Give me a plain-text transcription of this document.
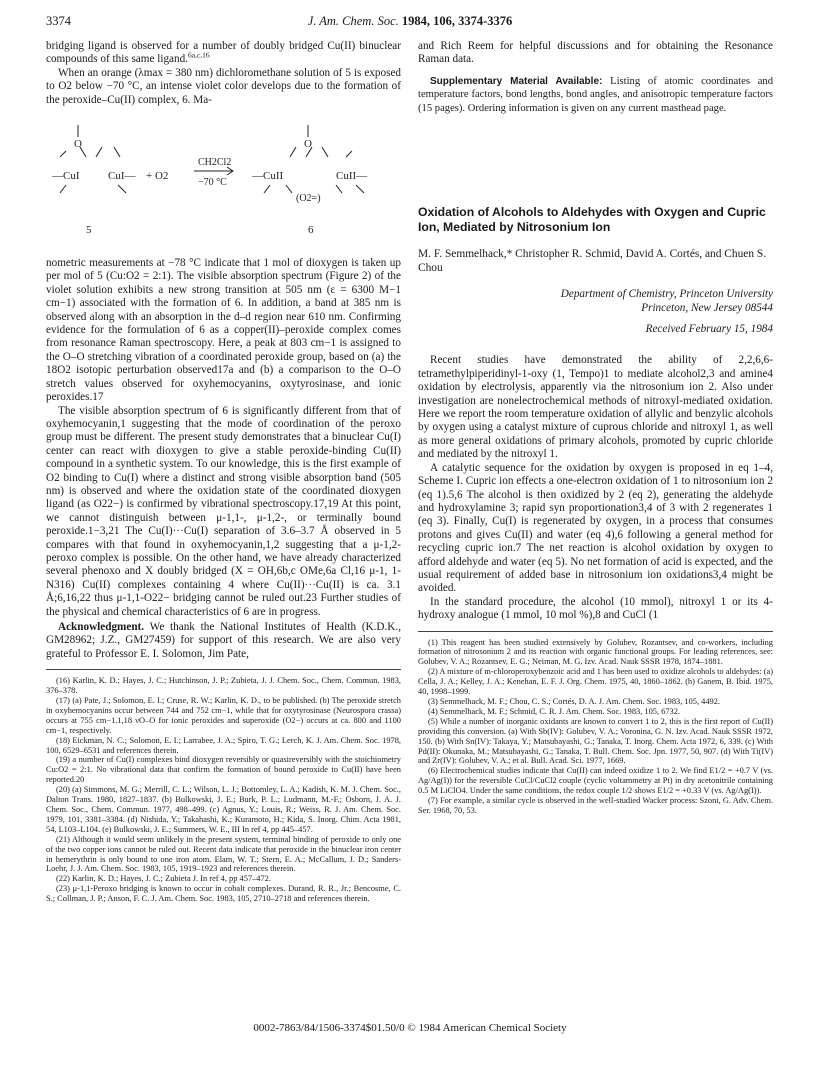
3374	J. Am. Chem. Soc. 1984, 106, 3374-3376

bridging ligand is observed for a number of doubly bridged Cu(II) binuclear compounds of this same ligand.$^{6a,c,16}$

When an orange (λmax = 380 nm) dichloromethane solution of 5 is exposed to O2 below −70 °C, an intense violet color develops due to the formation of the peroxide–Cu(II) complex, 6. Ma-

O
—CuI	CuI— + O2
CH2Cl2
−70 °C
O
—CuII	CuII—
(O2=)
5	6

nometric measurements at −78 °C indicate that 1 mol of dioxygen is taken up per mol of 5 (Cu:O2 = 2:1). The visible absorption spectrum (Figure 2) of the violet solution exhibits a new strong transition at 505 nm (ε = 6300 M−1 cm−1) associated with the formation of 6. In addition, a band at 385 nm is observed along with an absorption in the d–d region near 610 nm. Confirming evidence for the formulation of 6 as a copper(II)–peroxide complex comes from resonance Raman spectroscopy. Here, a peak at 803 cm−1 is assigned to the O–O stretching vibration of a coordinated peroxide group, based on (a) the 18O2 isotopic perturbation observed17a and (b) a comparison to the O–O stretch values observed for oxyhemocyanins, oxytyrosinase, and ionic peroxides.17

The visible absorption spectrum of 6 is significantly different from that of oxyhemocyanin,1 suggesting that the mode of coordination of the peroxo group must be different. The present study demonstrates that a binuclear Cu(I) center can react with dioxygen to give a stable peroxide-binding Cu(II) compound in a synthetic system. To our knowledge, this is the first example of O2 binding to Cu(I) where a distinct and strong visible absorption band (505 nm) is observed and where the oxidation state of the coordinated dioxygen ligand (as O22−) is confirmed by vibrational spectroscopy.17,19 At this point, we cannot distinguish between μ-1,1-, μ-1,2-, or terminally bound peroxide.1−3,21 The Cu(I)···Cu(I) separation of 3.6–3.7 Å observed in 5 compares with that found in oxyhemocyanin,1,2 suggesting that a μ-1,2-peroxo complex is possible. On the other hand, we have already characterized several phenoxo and X doubly bridged (X = OH,6b,c OMe,6a Cl,16 μ-1, 1-N316) Cu(II) complexes containing 4 where Cu(II)···Cu(II) is ca. 3.1 Å;6,16,22 thus μ-1,1-O22− bridging cannot be ruled out.23 Further studies of the physical and chemical characteristics of 6 are in progress.

Acknowledgment. We thank the National Institutes of Health (K.D.K., GM28962; J.Z., GM27459) for support of this research. We are also very grateful to Professor E. I. Solomon, Jim Pate,

(16) Karlin, K. D.; Hayes, J. C.; Hutchinson, J. P.; Zubieta, J. J. Chem. Soc., Chem. Commun. 1983, 376–378.

(17) (a) Pate, J.; Solomon, E. I.; Cruse, R. W.; Karlin, K. D., to be published. (b) The peroxide stretch in oxyhemocyanins occur between 744 and 752 cm−1, while that for oxytyrosinase (Neurospora crassa) occurs at 755 cm−1.1,18 νO–O for ionic peroxides and superoxide (O2−) occurs at ca. 800 and 1100 cm−1, respectively.

(18) Eickman, N. C.; Solomon, E. I.; Larrabee, J. A.; Spiro, T. G.; Lerch, K. J. Am. Chem. Soc. 1978, 100, 6529–6531 and references therein.

(19) a number of Cu(I) complexes bind dioxygen reversibly or quasireversibly with the stoichiometry Cu:O2 = 2:1. No vibrational data that confirm the formation of bound peroxide to Cu(II) have been reported.20

(20) (a) Simmons, M. G.; Merrill, C. L.; Wilson, L. J.; Bottomley, L. A.; Kadish, K. M. J. Chem. Soc., Dalton Trans. 1980, 1827–1837. (b) Bulkowski, J. E.; Burk, P. L.; Ludmann, M.-F.; Osborn, J. A. J. Chem. Soc., Chem. Commun. 1977, 498–499. (c) Agnus, Y.; Louis, R.; Weiss, R. J. Am. Chem. Soc. 1979, 101, 3381–3384. (d) Nishida, Y.; Takahashi, K.; Kuramoto, H.; Kida, S. Inorg. Chim. Acta 1981, 54, L103–L104. (e) Bulkowski, J. E.; Summers, W. E., III In ref 4, pp 445–457.

(21) Although it would seem unlikely in the present system, terminal binding of peroxide to only one of the two copper ions cannot be ruled out. Recent data indicate that peroxide in the binuclear iron center in hemerythrin is only bound to one iron atom. Elam, W. T.; Stern, E. A.; McCallum, J. D.; Sanders-Loehr, J. J. Am. Chem. Soc. 1983, 105, 1919–1923 and references therein.

(22) Karlin, K. D.; Hayes, J. C.; Zubieta J. In ref 4, pp 457–472.

(23) μ-1,1-Peroxo bridging is known to occur in cobalt complexes. Durand, R. R., Jr.; Bencosme, C. S.; Collman, J. P.; Anson, F. C. J. Am. Chem. Soc. 1983, 105, 2710–2718 and references therein.

and Rich Reem for helpful discussions and for obtaining the Resonance Raman data.

Supplementary Material Available: Listing of atomic coordinates and temperature factors, bond lengths, bond angles, and anisotropic temperature factors (15 pages). Ordering information is given on any current masthead page.

Oxidation of Alcohols to Aldehydes with Oxygen and Cupric Ion, Mediated by Nitrosonium Ion
M. F. Semmelhack,* Christopher R. Schmid, David A. Cortés, and Chuen S. Chou
Department of Chemistry, Princeton University
Princeton, New Jersey 08544
Received February 15, 1984

Recent studies have demonstrated the ability of 2,2,6,6-tetramethylpiperidinyl-1-oxy (1, Tempo)1 to mediate alcohol2,3 and amine4 oxidation by electrolysis, apparently via the nitrosonium ion 2. Also under investigation are nonelectrochemical methods of nitroxyl-mediated oxidation. Here we report the room temperature oxidation of allylic and benzylic alcohols by oxygen using a catalyst mixture of cuprous chloride and nitroxyl 1, as well as more general oxidations of primary alcohols, promoted by cupric chloride and mediated by the nitroxyl 1.

A catalytic sequence for the oxidation by oxygen is proposed in eq 1–4, Scheme I. Cupric ion effects a one-electron oxidation of 1 to nitrosonium ion 2 (eq 1).5,6 The alcohol is then oxidized by 2 (eq 2), generating the aldehyde and hydroxylamine 3; rapid syn proportionation3,4 of 3 with 2 regenerates 1 (eq 3). Finally, Cu(I) is regenerated by oxygen, in a process that consumes protons and gives Cu(II) and water (eq 4),6 following a general method for recycling cupric ion.7 The net reaction is alcohol oxidation by oxygen to afford aldehyde and water (eq 5). No net formation of acid is expected, and the usual requirement of added base in nitrosonium ion oxidations3,4 might be avoided.

In the standard procedure, the alcohol (10 mmol), nitroxyl 1 or its 4-hydroxy analogue (1 mmol, 10 mol %),8 and CuCl (1

(1) This reagent has been studied extensively by Golubev, Rozantsev, and co-workers, including formation of nitrosonium 2 and its reaction with organic functional groups. For leading references, see: Golubev, V. A.; Rozantsev, E. G.; Neiman, M. G. Izv. Acad. Nauk SSSR 1978, 1874–1881.

(2) A mixture of m-chloroperoxybenzoic acid and 1 has been used to oxidize alcohols to aldehydes: (a) Cella, J. A.; Kelley, J. A.; Kenehan, E. F. J. Org. Chem. 1975, 40, 1860–1862. (b) Ganem, B. Ibid. 1975, 40, 1998–1999.

(3) Semmelhack, M. F.; Chou, C. S.; Cortés, D. A. J. Am. Chem. Soc. 1983, 105, 4492.

(4) Semmelhack, M. F.; Schmid, C. R. J. Am. Chem. Soc. 1983, 105, 6732.

(5) While a number of inorganic oxidants are known to convert 1 to 2, this is the first report of Cu(II) providing this conversion. (a) With Sb(IV): Golubev, V. A.; Voronina, G. N. Izv. Acad. Nauk SSSR 1972, 150. (b) With Sn(IV): Takaya, Y.; Matsubayashi, G.; Tanaka, T. Inorg. Chem. Acta 1972, 6, 339. (c) With Pd(II): Okunaka, M.; Matsubayashi, G.; Tanaka, T. Bull. Chem. Soc. Jpn. 1977, 50, 907. (d) With Ti(IV) and Zr(IV): Golubev, V. A.; et al. Bull. Acad. Sci. 1977, 1669.

(6) Electrochemical studies indicate that Cu(II) can indeed oxidize 1 to 2. We find E1/2 = +0.7 V (vs. Ag/Ag(I)) for the reversible CuCl/CuCl2 couple (cyclic voltammetry at Pt) in dry acetonitrile containing 0.5 M LiClO4. Under the same conditions, the redox couple 1/2 shows E1/2 = +0.33 V (vs. Ag/Ag(I)).

(7) For example, a similar cycle is observed in the well-studied Wacker process: Szoni, G. Adv. Chem. Ser. 1968, 70, 53.

0002-7863/84/1506-3374$01.50/0 © 1984 American Chemical Society
